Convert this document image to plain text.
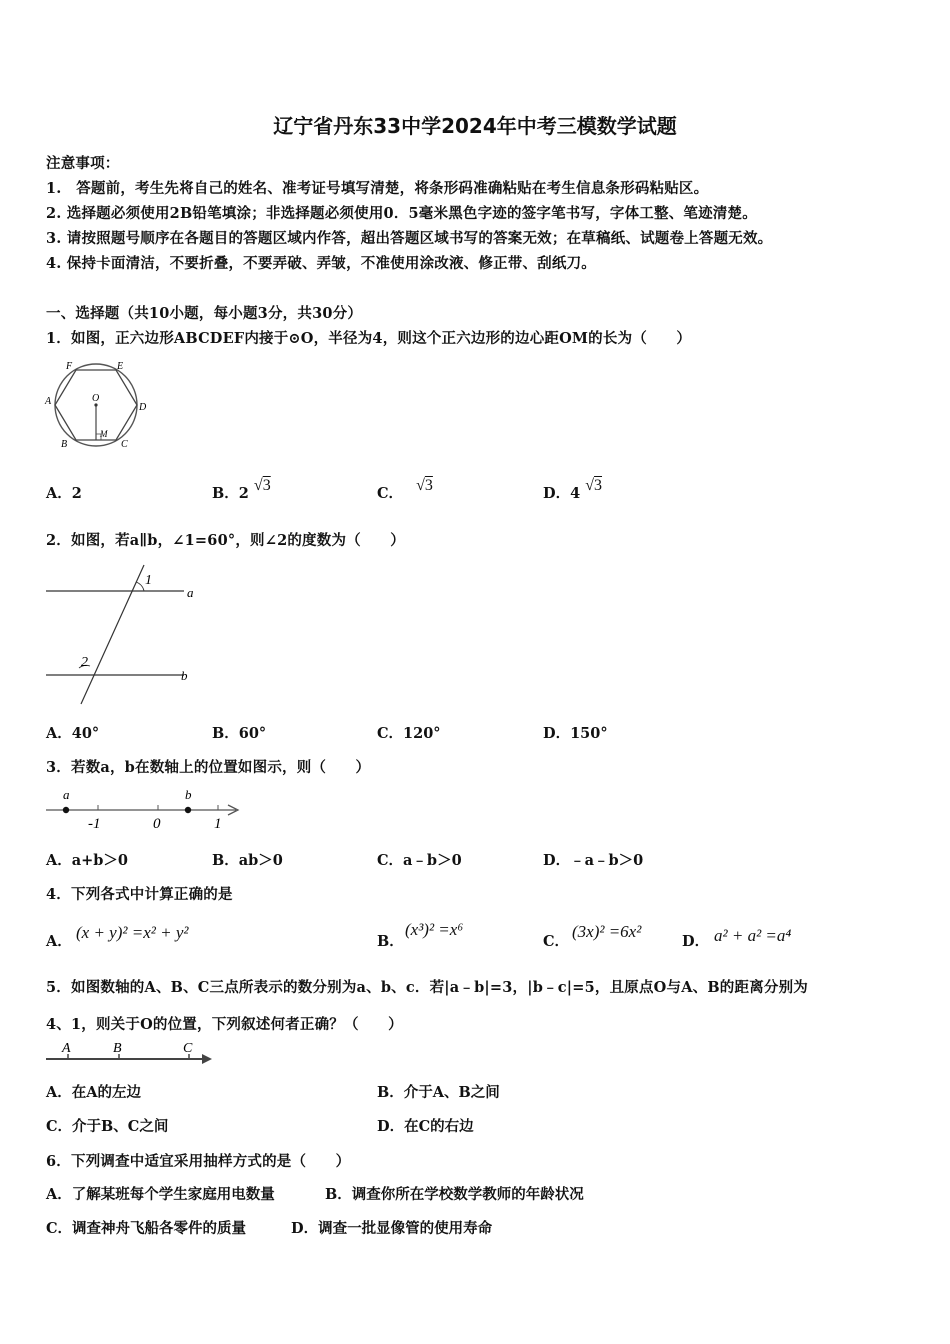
辽宁省丹东33中学2024年中考三模数学试题
注意事项：
1.　答题前，考生先将自己的姓名、准考证号填写清楚，将条形码准确粘贴在考生信息条形码粘贴区。
2. 选择题必须使用2B铅笔填涂；非选择题必须使用0．5毫米黑色字迹的签字笔书写，字体工整、笔迹清楚。
3. 请按照题号顺序在各题目的答题区域内作答，超出答题区域书写的答案无效；在草稿纸、试题卷上答题无效。
4. 保持卡面清洁，不要折叠，不要弄破、弄皱，不准使用涂改液、修正带、刮纸刀。
一、选择题（共10小题，每小题3分，共30分）
1．如图，正六边形ABCDEF内接于⊙O，半径为4，则这个正六边形的边心距OM的长为（　　）
F	E
A
D
O
B
M
C
A．2	B．2 √3	C． √3	D．4 √3
2．如图，若a∥b，∠1=60°，则∠2的度数为（　　）
1
a
2
b
A．40°	B．60°	C．120°	D．150°
3．若数a，b在数轴上的位置如图示，则（　　）
a	b
-1	0	1
A．a+b＞0	B．ab＞0	C．a﹣b＞0	D．﹣a﹣b＞0
4．下列各式中计算正确的是
A． (x + y)² =x² + y²	B．
(x³)² =x⁶
C．
(3x)² =6x²
D． a² + a² =a⁴
5．如图数轴的A、B、C三点所表示的数分别为a、b、c．若|a﹣b|=3，|b﹣c|=5，且原点O与A、B的距离分别为
4、1，则关于O的位置，下列叙述何者正确？（　　）
A	B	C
A．在A的左边	B．介于A、B之间
C．介于B、C之间	D．在C的右边
6．下列调查中适宜采用抽样方式的是（　　）
A．了解某班每个学生家庭用电数量	B．调查你所在学校数学教师的年龄状况
C．调查神舟飞船各零件的质量	D．调查一批显像管的使用寿命
